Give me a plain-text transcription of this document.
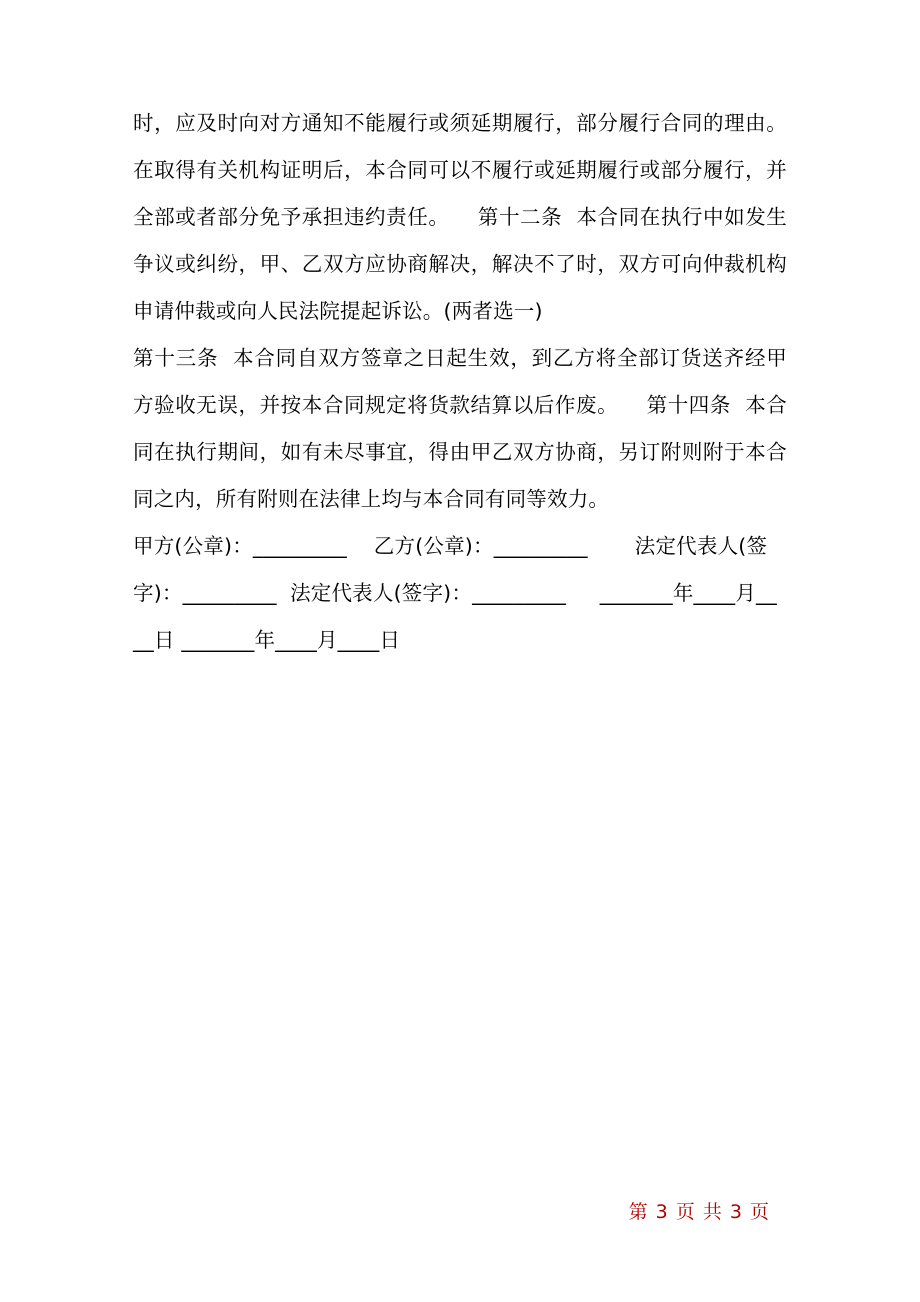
时，应及时向对方通知不能履行或须延期履行，部分履行合同的理由。在取得有关机构证明后，本合同可以不履行或延期履行或部分履行，并全部或者部分免予承担违约责任。    第十二条  本合同在执行中如发生争议或纠纷，甲、乙双方应协商解决，解决不了时，双方可向仲裁机构申请仲裁或向人民法院提起诉讼。(两者选一)

第十三条  本合同自双方签章之日起生效，到乙方将全部订货送齐经甲方验收无误，并按本合同规定将货款结算以后作废。    第十四条  本合同在执行期间，如有未尽事宜，得由甲乙双方协商，另订附则附于本合同之内，所有附则在法律上均与本合同有同等效力。

甲方(公章)：_________    乙方(公章)：_________       法定代表人(签字)：_________  法定代表人(签字)：_________     _______年____月____日 _______年____月____日

第 3 页 共 3 页
